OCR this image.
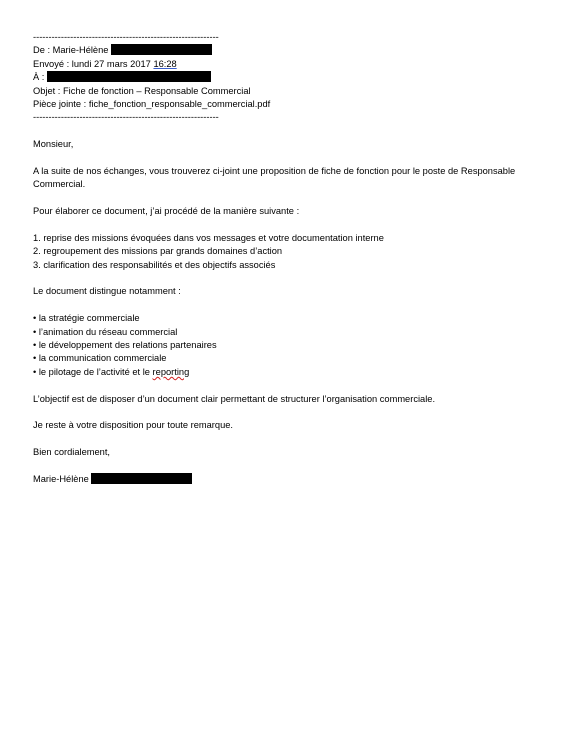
------------------------------------------------------------
De : Marie-Hélène
Envoyé : lundi 27 mars 2017 16:28
À :
Objet : Fiche de fonction – Responsable Commercial
Pièce jointe : fiche_fonction_responsable_commercial.pdf
------------------------------------------------------------
Monsieur,
A la suite de nos échanges, vous trouverez ci-joint une proposition de fiche de fonction pour le poste de Responsable Commercial.
Pour élaborer ce document, j’ai procédé de la manière suivante :
1. reprise des missions évoquées dans vos messages et votre documentation interne
2. regroupement des missions par grands domaines d’action
3. clarification des responsabilités et des objectifs associés
Le document distingue notamment :
• la stratégie commerciale
• l’animation du réseau commercial
• le développement des relations partenaires
• la communication commerciale
• le pilotage de l’activité et le reporting
L’objectif est de disposer d’un document clair permettant de structurer l’organisation commerciale.
Je reste à votre disposition pour toute remarque.
Bien cordialement,
Marie-Hélène
